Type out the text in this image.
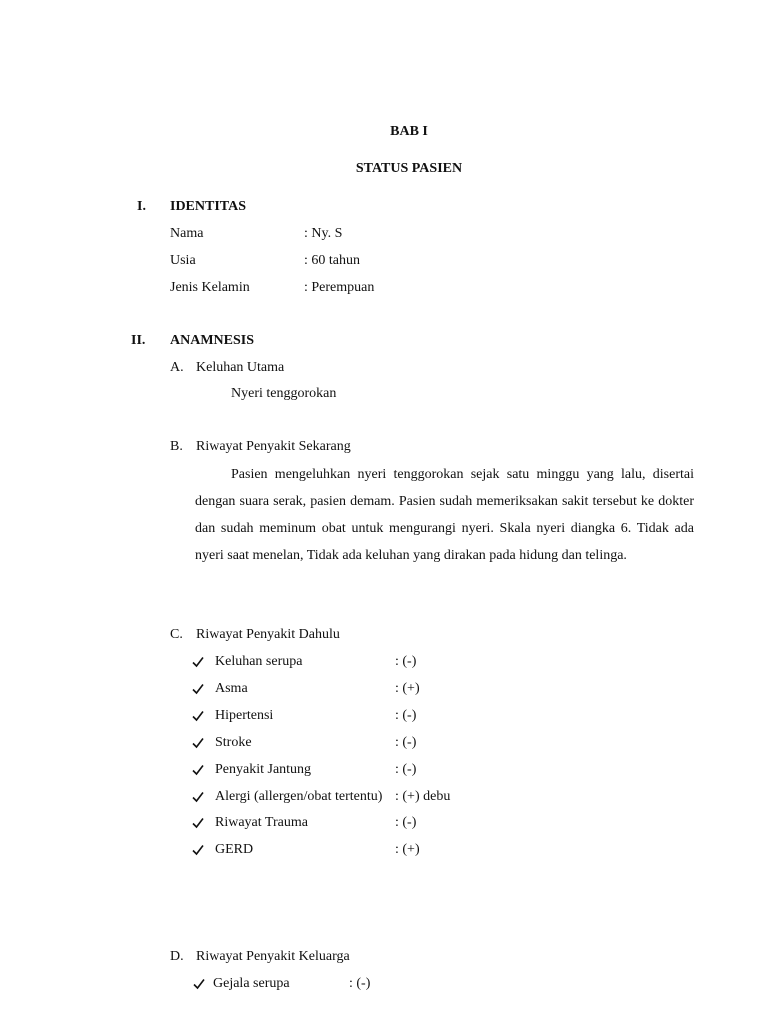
BAB I
STATUS PASIEN
I. IDENTITAS
Nama	: Ny. S
Usia	: 60 tahun
Jenis Kelamin	: Perempuan
II. ANAMNESIS
A. Keluhan Utama
Nyeri tenggorokan
B. Riwayat Penyakit Sekarang
Pasien mengeluhkan nyeri tenggorokan sejak satu minggu yang lalu, disertai dengan suara serak, pasien demam. Pasien sudah memeriksakan sakit tersebut ke dokter dan sudah meminum obat untuk mengurangi nyeri. Skala nyeri diangka 6. Tidak ada nyeri saat menelan, Tidak ada keluhan yang dirakan pada hidung dan telinga.
C. Riwayat Penyakit Dahulu
Keluhan serupa	: (-)
Asma	: (+)
Hipertensi	: (-)
Stroke	: (-)
Penyakit Jantung	: (-)
Alergi (allergen/obat tertentu) : (+) debu
Riwayat Trauma	: (-)
GERD	: (+)
D. Riwayat Penyakit Keluarga
Gejala serupa	: (-)
